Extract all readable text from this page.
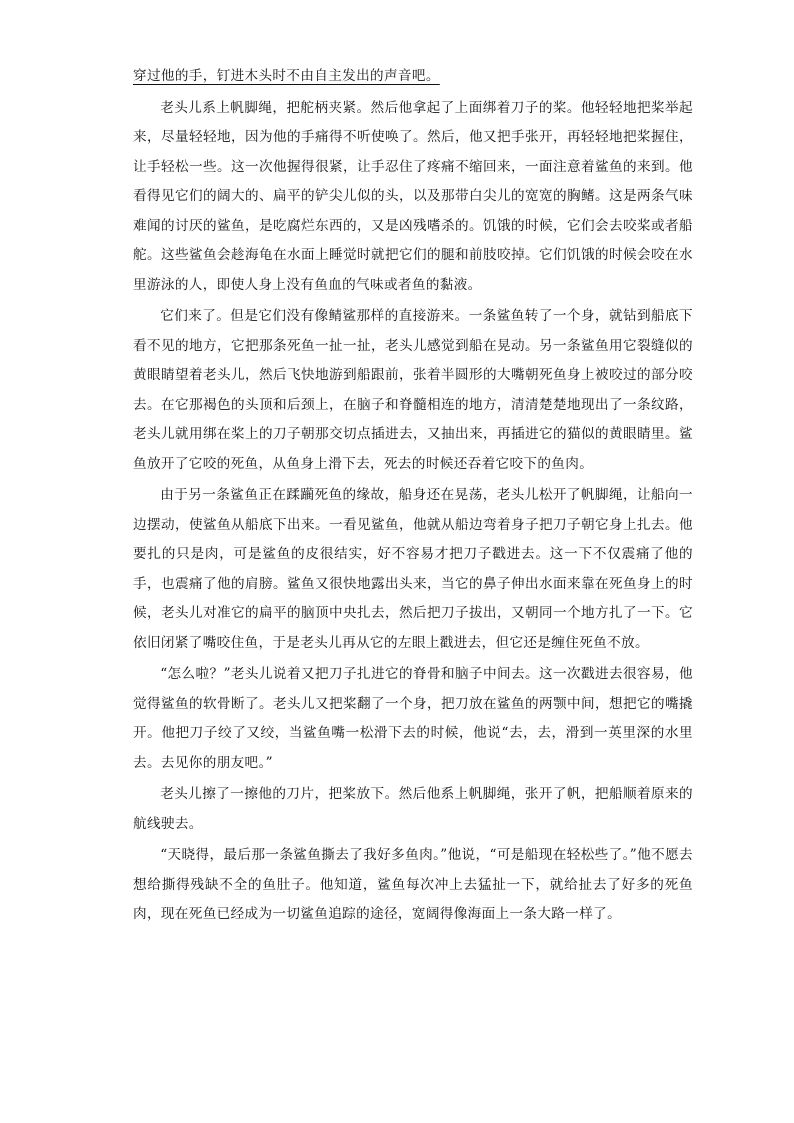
穿过他的手，钉进木头时不由自主发出的声音吧。

老头儿系上帆脚绳，把舵柄夹紧。然后他拿起了上面绑着刀子的桨。他轻轻地把桨举起来，尽量轻轻地，因为他的手痛得不听使唤了。然后，他又把手张开，再轻轻地把桨握住，让手轻松一些。这一次他握得很紧，让手忍住了疼痛不缩回来，一面注意着鲨鱼的来到。他看得见它们的阔大的、扁平的铲尖儿似的头，以及那带白尖儿的宽宽的胸鳍。这是两条气味难闻的讨厌的鲨鱼，是吃腐烂东西的，又是凶残嗜杀的。饥饿的时候，它们会去咬桨或者船舵。这些鲨鱼会趁海龟在水面上睡觉时就把它们的腿和前肢咬掉。它们饥饿的时候会咬在水里游泳的人，即使人身上没有鱼血的气味或者鱼的黏液。

它们来了。但是它们没有像鲭鲨那样的直接游来。一条鲨鱼转了一个身，就钻到船底下看不见的地方，它把那条死鱼一扯一扯，老头儿感觉到船在晃动。另一条鲨鱼用它裂缝似的黄眼睛望着老头儿，然后飞快地游到船跟前，张着半圆形的大嘴朝死鱼身上被咬过的部分咬去。在它那褐色的头顶和后颈上，在脑子和脊髓相连的地方，清清楚楚地现出了一条纹路，老头儿就用绑在桨上的刀子朝那交切点插进去，又抽出来，再插进它的猫似的黄眼睛里。鲨鱼放开了它咬的死鱼，从鱼身上滑下去，死去的时候还吞着它咬下的鱼肉。

由于另一条鲨鱼正在蹂躏死鱼的缘故，船身还在晃荡，老头儿松开了帆脚绳，让船向一边摆动，使鲨鱼从船底下出来。一看见鲨鱼，他就从船边弯着身子把刀子朝它身上扎去。他要扎的只是肉，可是鲨鱼的皮很结实，好不容易才把刀子戳进去。这一下不仅震痛了他的手，也震痛了他的肩膀。鲨鱼又很快地露出头来，当它的鼻子伸出水面来靠在死鱼身上的时候，老头儿对准它的扁平的脑顶中央扎去，然后把刀子拔出，又朝同一个地方扎了一下。它依旧闭紧了嘴咬住鱼，于是老头儿再从它的左眼上戳进去，但它还是缠住死鱼不放。

“怎么啦？”老头儿说着又把刀子扎进它的脊骨和脑子中间去。这一次戳进去很容易，他觉得鲨鱼的软骨断了。老头儿又把桨翻了一个身，把刀放在鲨鱼的两颚中间，想把它的嘴撬开。他把刀子绞了又绞，当鲨鱼嘴一松滑下去的时候，他说“去，去，滑到一英里深的水里去。去见你的朋友吧。”

老头儿擦了一擦他的刀片，把桨放下。然后他系上帆脚绳，张开了帆，把船顺着原来的航线驶去。

“天晓得，最后那一条鲨鱼撕去了我好多鱼肉。”他说，“可是船现在轻松些了。”他不愿去想给撕得残缺不全的鱼肚子。他知道，鲨鱼每次冲上去猛扯一下，就给扯去了好多的死鱼肉，现在死鱼已经成为一切鲨鱼追踪的途径，宽阔得像海面上一条大路一样了。
